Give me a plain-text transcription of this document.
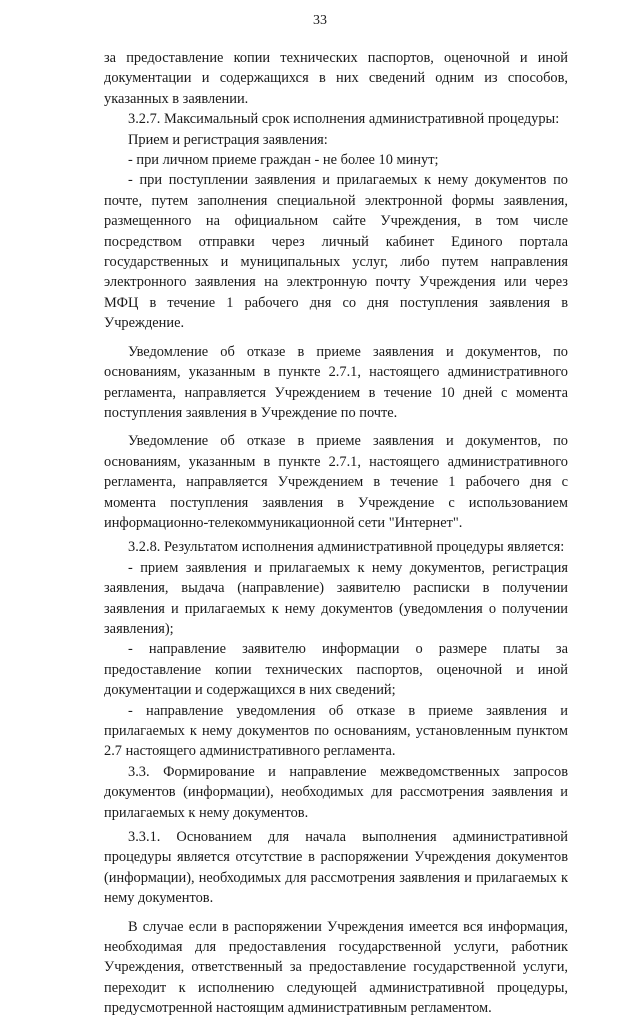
33

за предоставление копии технических паспортов, оценочной и иной документации и содержащихся в них сведений одним из способов, указанных в заявлении.

3.2.7. Максимальный срок исполнения административной процедуры:

Прием и регистрация заявления:

- при личном приеме граждан - не более 10 минут;

- при поступлении заявления и прилагаемых к нему документов по почте, путем заполнения специальной электронной формы заявления, размещенного на официальном сайте Учреждения, в том числе посредством отправки через личный кабинет Единого портала государственных и муниципальных услуг, либо путем направления электронного заявления на электронную почту Учреждения или через МФЦ в течение 1 рабочего дня со дня поступления заявления в Учреждение.

Уведомление об отказе в приеме заявления и документов, по основаниям, указанным в пункте 2.7.1, настоящего административного регламента, направляется Учреждением в течение 10 дней с момента поступления заявления в Учреждение по почте.

Уведомление об отказе в приеме заявления и документов, по основаниям, указанным в пункте 2.7.1, настоящего административного регламента, направляется Учреждением в течение 1 рабочего дня с момента поступления заявления в Учреждение с использованием информационно-телекоммуникационной сети "Интернет".

3.2.8. Результатом исполнения административной процедуры является:

- прием заявления и прилагаемых к нему документов, регистрация заявления, выдача (направление) заявителю расписки в получении заявления и прилагаемых к нему документов (уведомления о получении заявления);

- направление заявителю информации о размере платы за предоставление копии технических паспортов, оценочной и иной документации и содержащихся в них сведений;

- направление уведомления об отказе в приеме заявления и прилагаемых к нему документов по основаниям, установленным пунктом 2.7 настоящего административного регламента.

3.3. Формирование и направление межведомственных запросов документов (информации), необходимых для рассмотрения заявления и прилагаемых к нему документов.

3.3.1. Основанием для начала выполнения административной процедуры является отсутствие в распоряжении Учреждения документов (информации), необходимых для рассмотрения заявления и прилагаемых к нему документов.

В случае если в распоряжении Учреждения имеется вся информация, необходимая для предоставления государственной услуги, работник Учреждения, ответственный за предоставление государственной услуги, переходит к исполнению следующей административной процедуры, предусмотренной настоящим административным регламентом.
